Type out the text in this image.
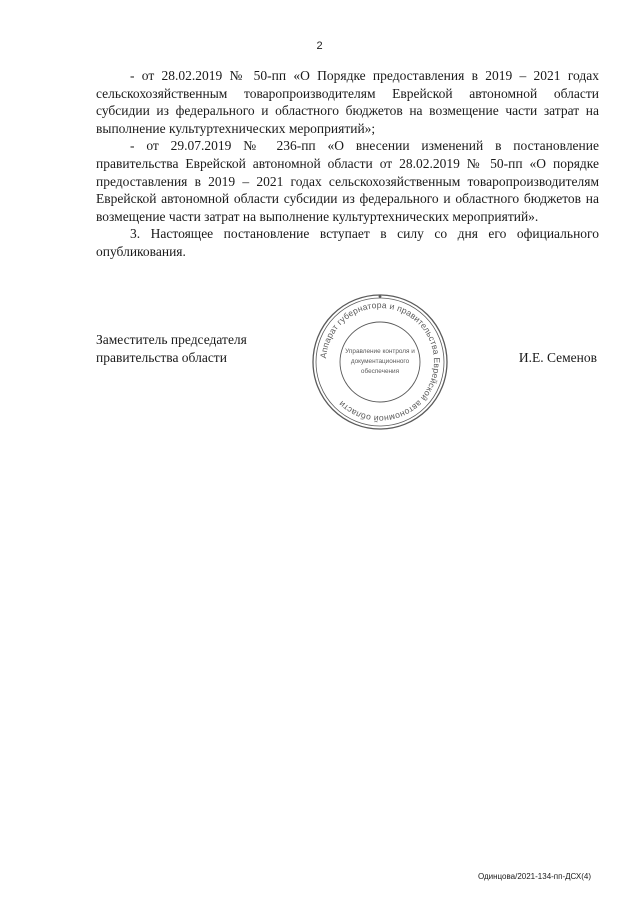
2

- от 28.02.2019 № 50-пп «О Порядке предоставления в 2019 – 2021 годах сельскохозяйственным товаропроизводителям Еврейской автономной области субсидии из федерального и областного бюджетов на возмещение части затрат на выполнение культуртехнических мероприятий»;

- от 29.07.2019 № 236-пп «О внесении изменений в постановление правительства Еврейской автономной области от 28.02.2019 № 50-пп «О порядке предоставления в 2019 – 2021 годах сельскохозяйственным товаропроизводителям Еврейской автономной области субсидии из федерального и областного бюджетов на возмещение части затрат на выполнение культуртехнических мероприятий».

3. Настоящее постановление вступает в силу со дня его официального опубликования.

Заместитель председателя
правительства области	Аппарат губернатора и правительства Еврейской автономной области
Управление контроля и
документационного
обеспечения
И.Е. Семенов
Одинцова/2021-134-пп-ДСХ(4)
